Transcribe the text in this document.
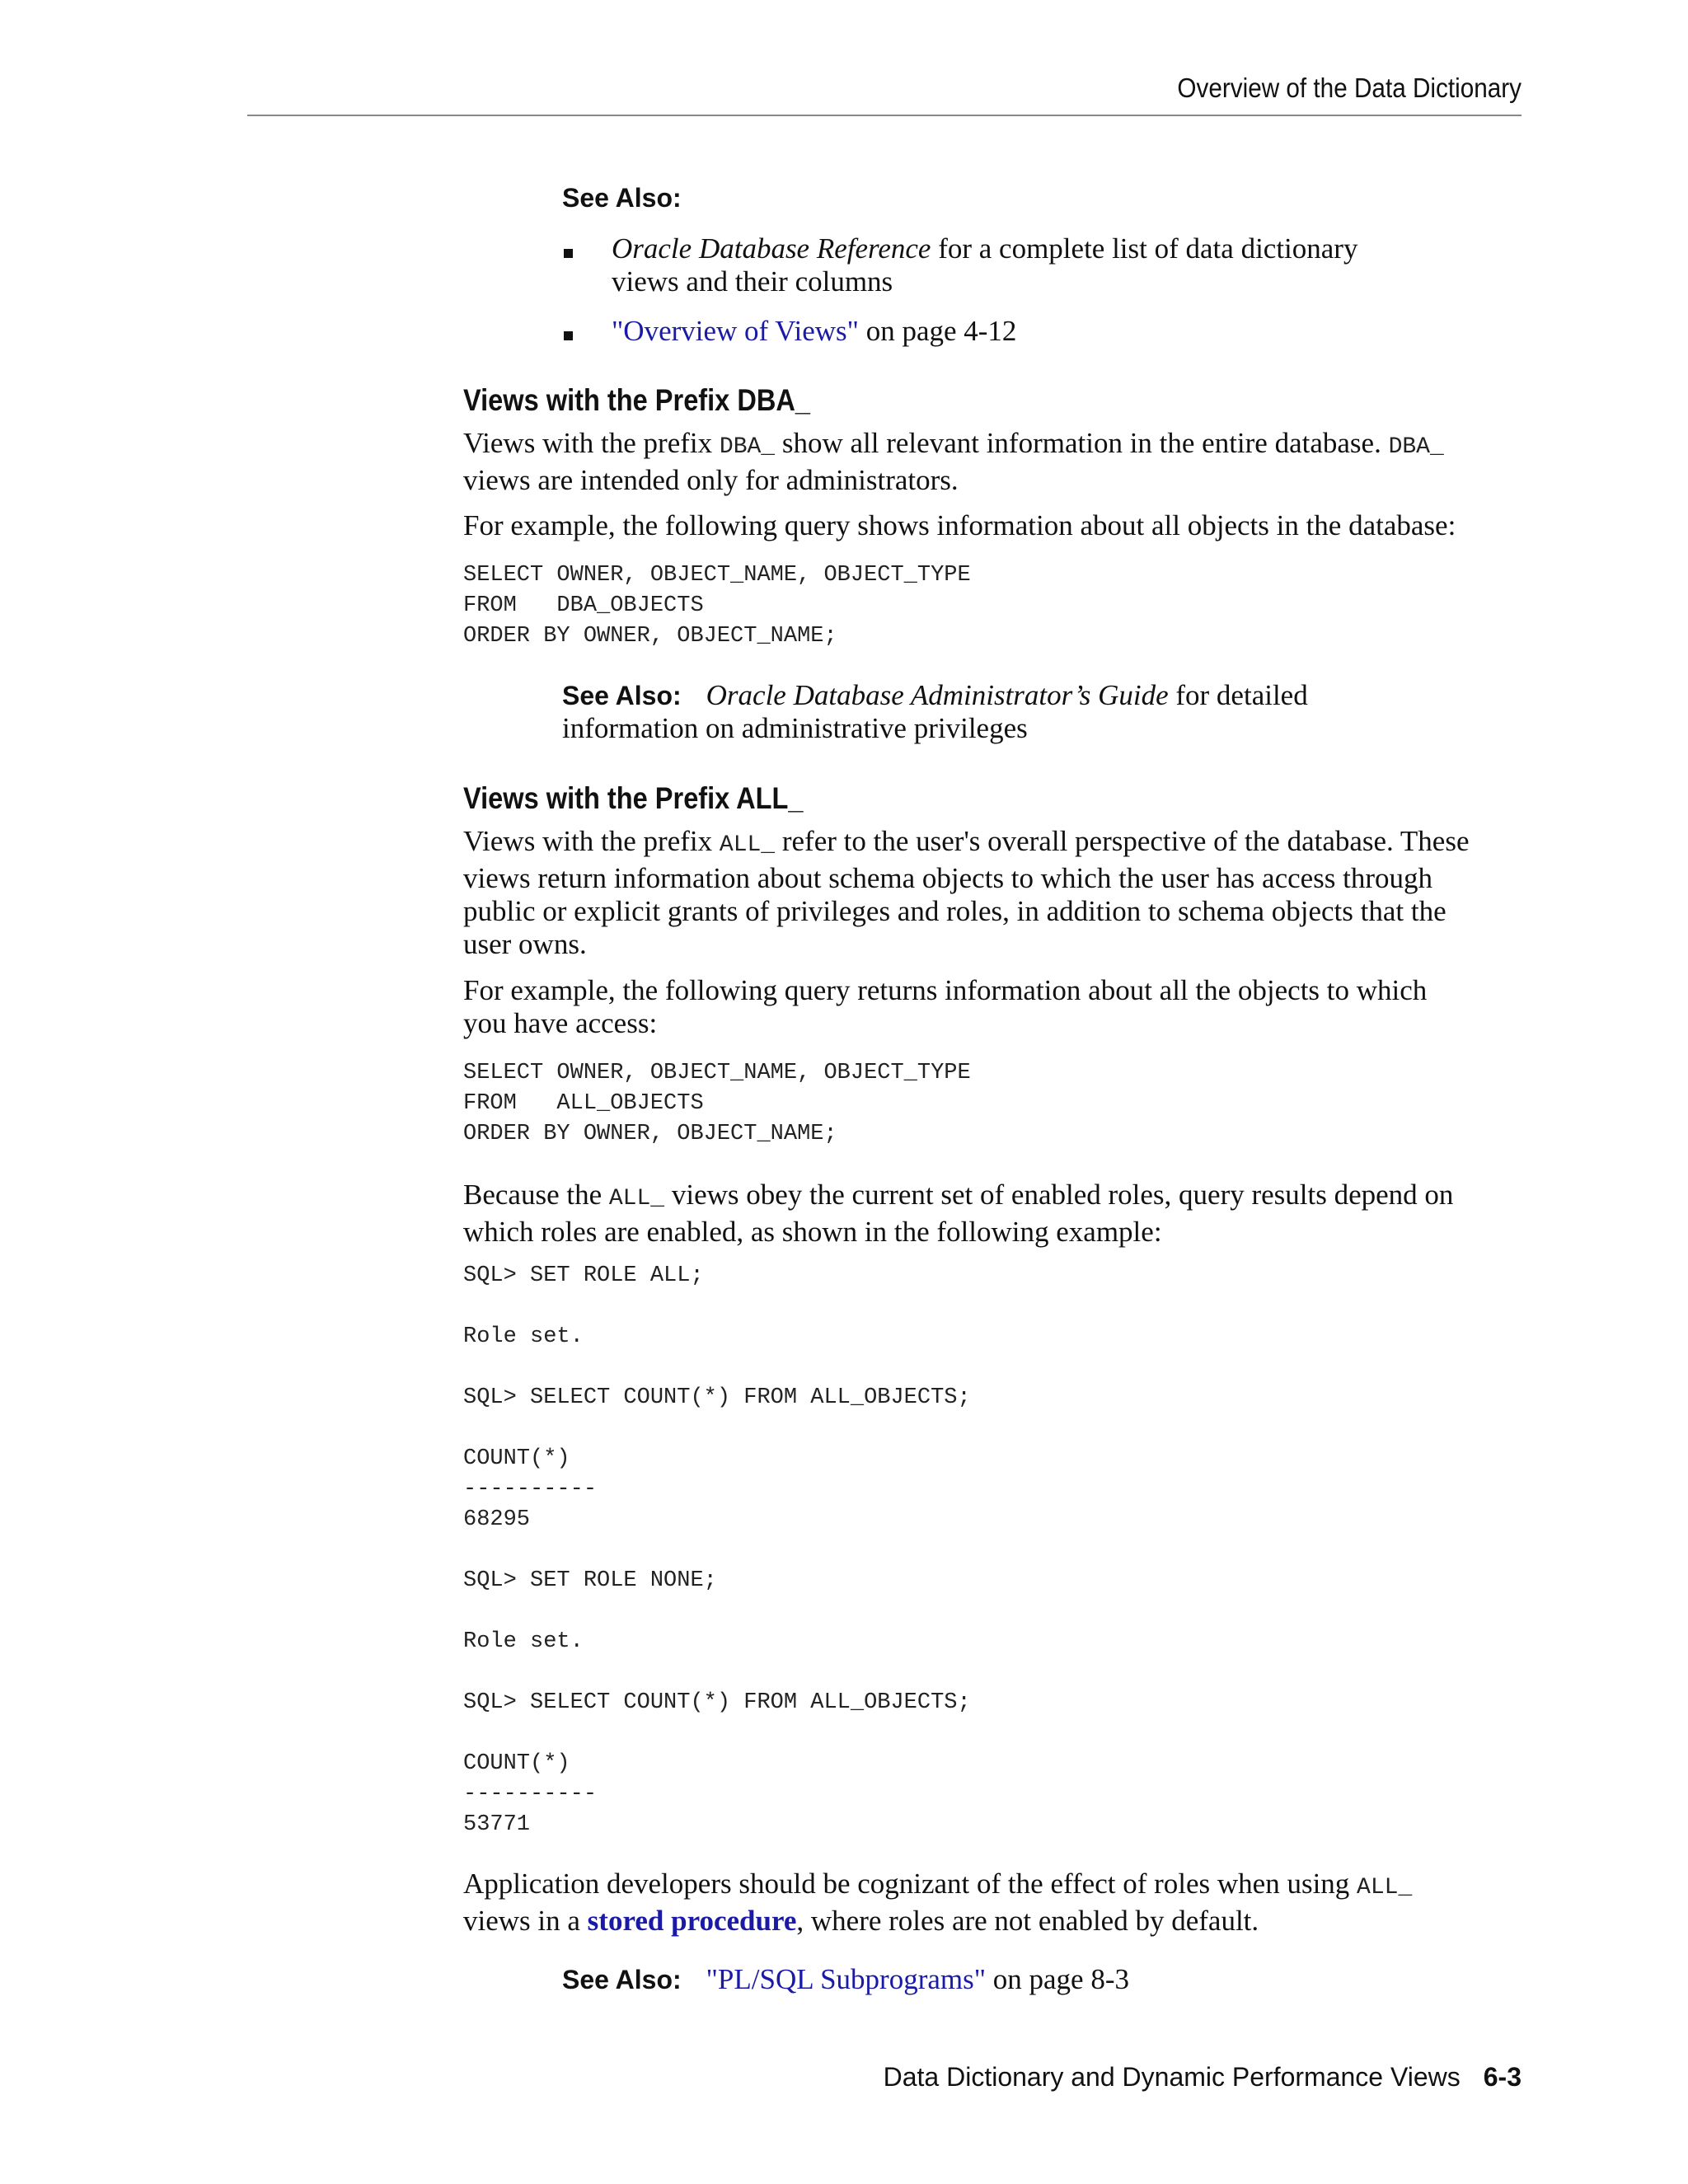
Overview of the Data Dictionary
See Also:
Oracle Database Reference for a complete list of data dictionary
views and their columns
"Overview of Views" on page 4-12
Views with the Prefix DBA_
Views with the prefix DBA_ show all relevant information in the entire database. DBA_
views are intended only for administrators.
For example, the following query shows information about all objects in the database:
SELECT OWNER, OBJECT_NAME, OBJECT_TYPE
FROM   DBA_OBJECTS
ORDER BY OWNER, OBJECT_NAME;
See Also: Oracle Database Administrator’s Guide for detailed
information on administrative privileges
Views with the Prefix ALL_
Views with the prefix ALL_ refer to the user's overall perspective of the database. These
views return information about schema objects to which the user has access through
public or explicit grants of privileges and roles, in addition to schema objects that the
user owns.
For example, the following query returns information about all the objects to which
you have access:
SELECT OWNER, OBJECT_NAME, OBJECT_TYPE
FROM   ALL_OBJECTS
ORDER BY OWNER, OBJECT_NAME;
Because the ALL_ views obey the current set of enabled roles, query results depend on
which roles are enabled, as shown in the following example:
SQL> SET ROLE ALL;

Role set.

SQL> SELECT COUNT(*) FROM ALL_OBJECTS;

COUNT(*)
----------
68295

SQL> SET ROLE NONE;

Role set.

SQL> SELECT COUNT(*) FROM ALL_OBJECTS;

COUNT(*)
----------
53771
Application developers should be cognizant of the effect of roles when using ALL_
views in a stored procedure, where roles are not enabled by default.
See Also: "PL/SQL Subprograms" on page 8-3
Data Dictionary and Dynamic Performance Views 6-3
